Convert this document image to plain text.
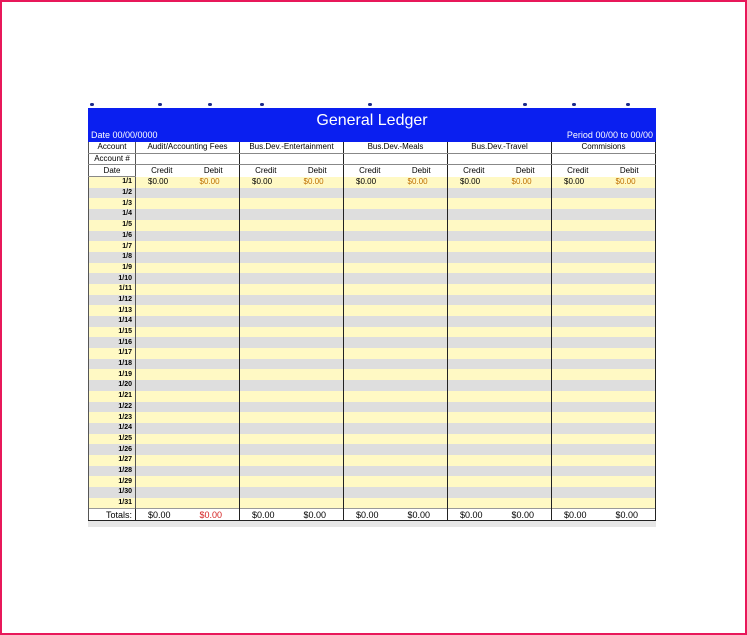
General Ledger
Date 00/00/0000	Period 00/00 to 00/00
Account	Audit/Accounting Fees		Bus.Dev.-Entertainment		Bus.Dev.-Meals		Bus.Dev.-Travel		Commisions	
Account #										
Date	Credit	Debit	Credit	Debit	Credit	Debit	Credit	Debit	Credit	Debit
1/1	$0.00	$0.00	$0.00	$0.00	$0.00	$0.00	$0.00	$0.00	$0.00	$0.00
1/2										
1/3										
1/4										
1/5										
1/6										
1/7										
1/8										
1/9										
1/10										
1/11										
1/12										
1/13										
1/14										
1/15										
1/16										
1/17										
1/18										
1/19										
1/20										
1/21										
1/22										
1/23										
1/24										
1/25										
1/26										
1/27										
1/28										
1/29										
1/30										
1/31										
Totals:	$0.00	$0.00	$0.00	$0.00	$0.00	$0.00	$0.00	$0.00	$0.00	$0.00
